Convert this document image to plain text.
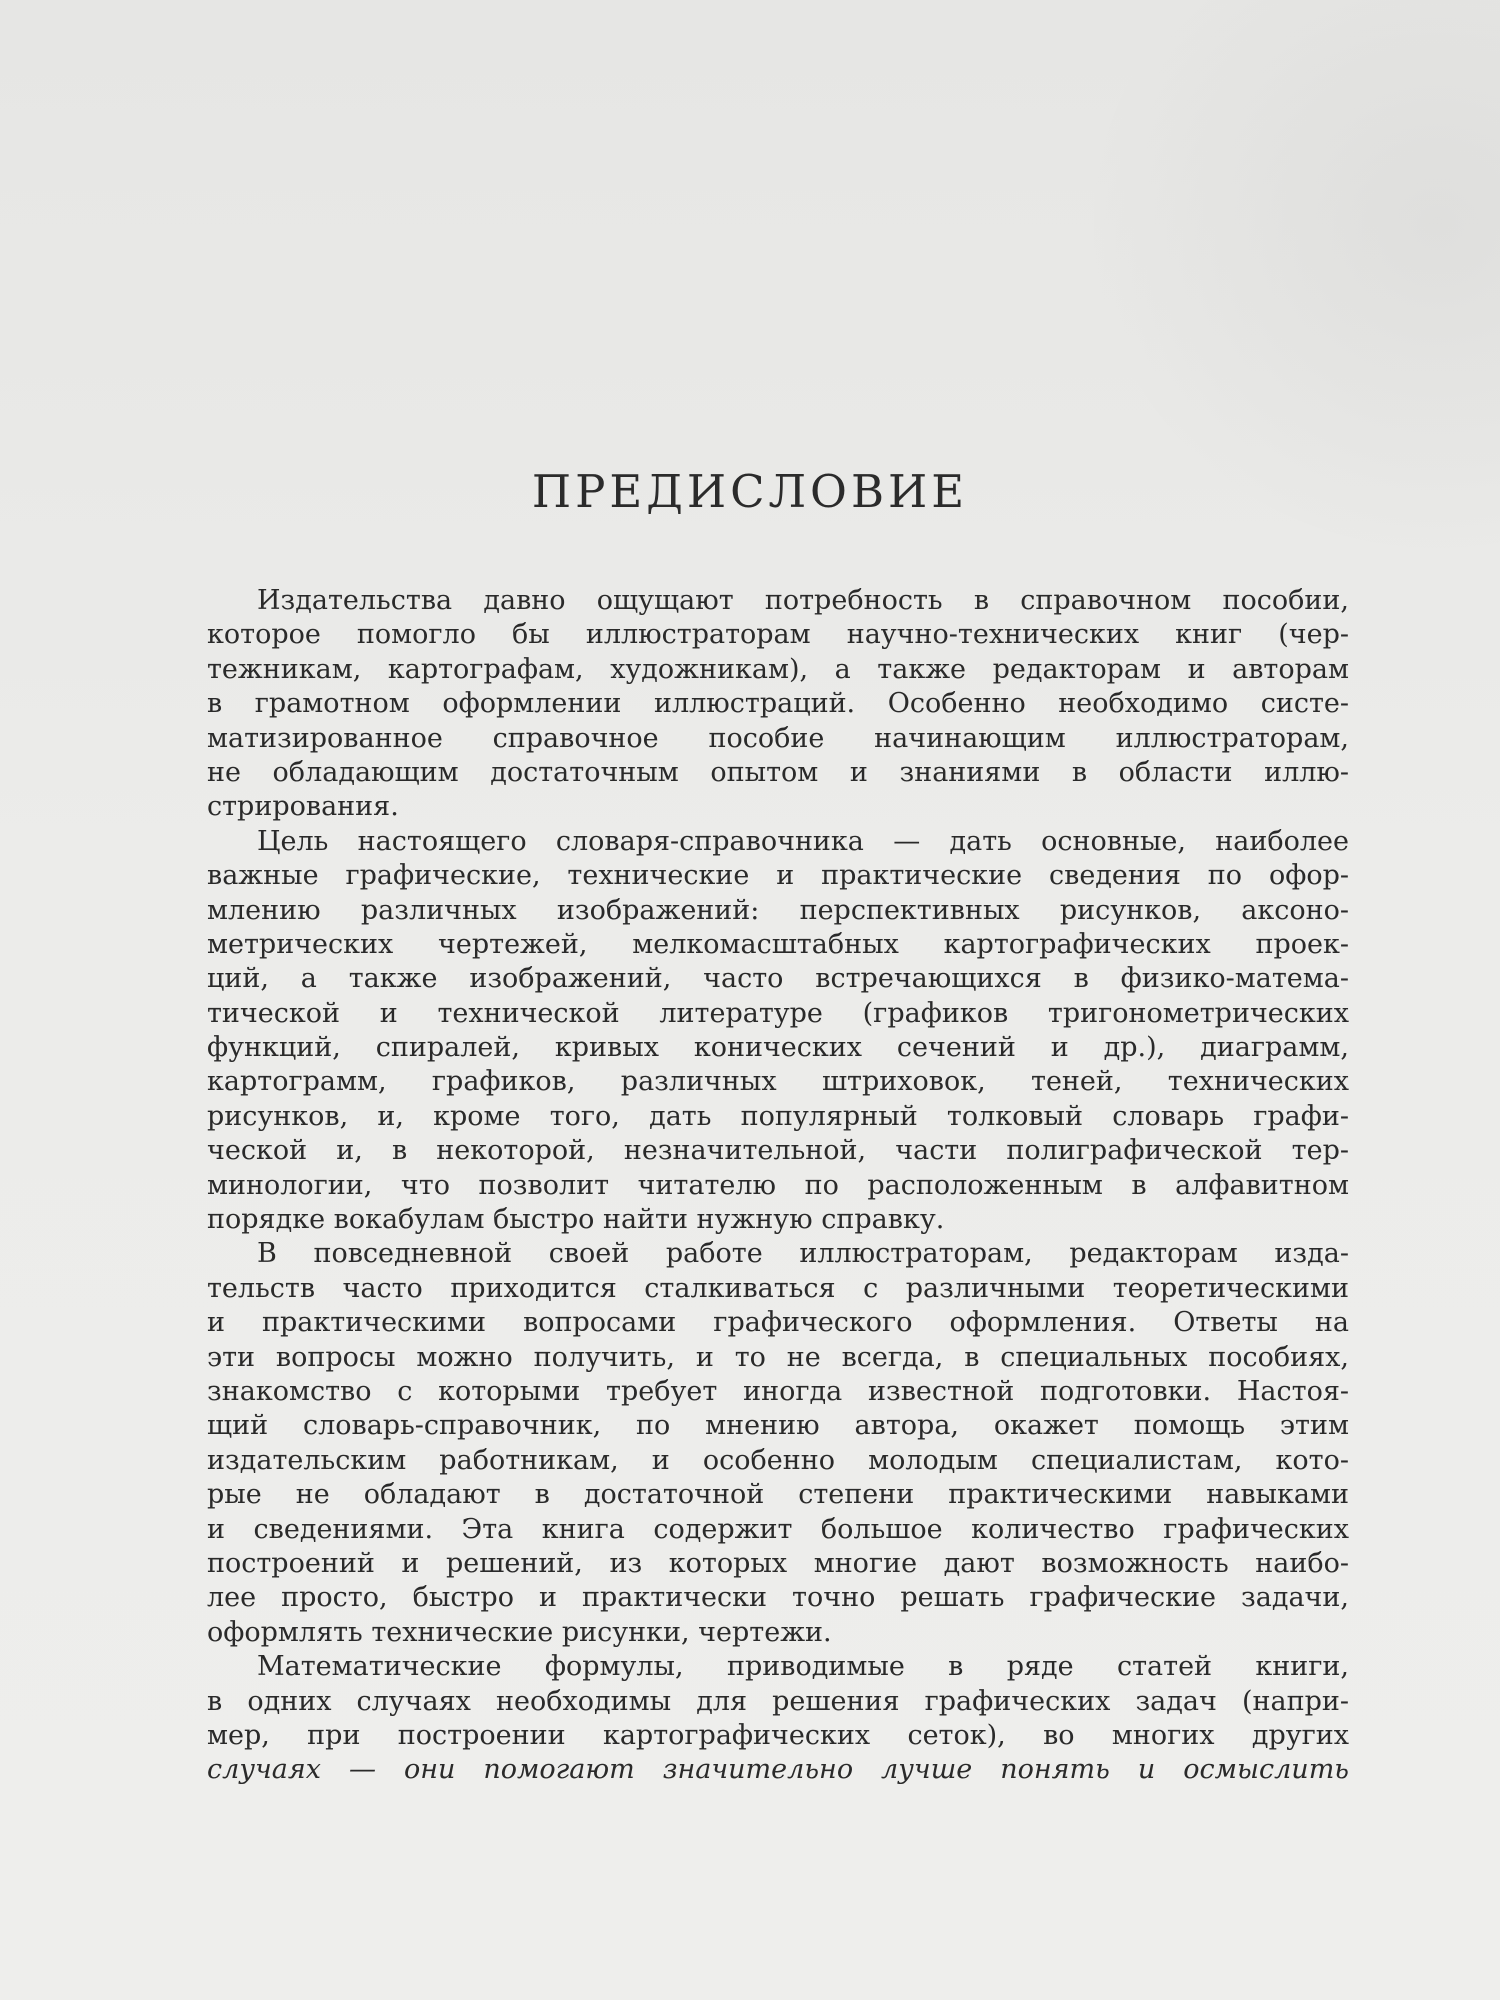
ПРЕДИСЛОВИЕ
Издательства давно ощущают потребность в справочном пособии,
которое помогло бы иллюстраторам научно-технических книг (чер-
тежникам, картографам, художникам), а также редакторам и авторам
в грамотном оформлении иллюстраций. Особенно необходимо систе-
матизированное справочное пособие начинающим иллюстраторам,
не обладающим достаточным опытом и знаниями в области иллю-
стрирования.
Цель настоящего словаря-справочника — дать основные, наиболее
важные графические, технические и практические сведения по офор-
млению различных изображений: перспективных рисунков, аксоно-
метрических чертежей, мелкомасштабных картографических проек-
ций, а также изображений, часто встречающихся в физико-матема-
тической и технической литературе (графиков тригонометрических
функций, спиралей, кривых конических сечений и др.), диаграмм,
картограмм, графиков, различных штриховок, теней, технических
рисунков, и, кроме того, дать популярный толковый словарь графи-
ческой и, в некоторой, незначительной, части полиграфической тер-
минологии, что позволит читателю по расположенным в алфавитном
порядке вокабулам быстро найти нужную справку.
В повседневной своей работе иллюстраторам, редакторам изда-
тельств часто приходится сталкиваться с различными теоретическими
и практическими вопросами графического оформления. Ответы на
эти вопросы можно получить, и то не всегда, в специальных пособиях,
знакомство с которыми требует иногда известной подготовки. Настоя-
щий словарь-справочник, по мнению автора, окажет помощь этим
издательским работникам, и особенно молодым специалистам, кото-
рые не обладают в достаточной степени практическими навыками
и сведениями. Эта книга содержит большое количество графических
построений и решений, из которых многие дают возможность наибо-
лее просто, быстро и практически точно решать графические задачи,
оформлять технические рисунки, чертежи.
Математические формулы, приводимые в ряде статей книги,
в одних случаях необходимы для решения графических задач (напри-
мер, при построении картографических сеток), во многих других
случаях — они помогают значительно лучше понять и осмыслить
